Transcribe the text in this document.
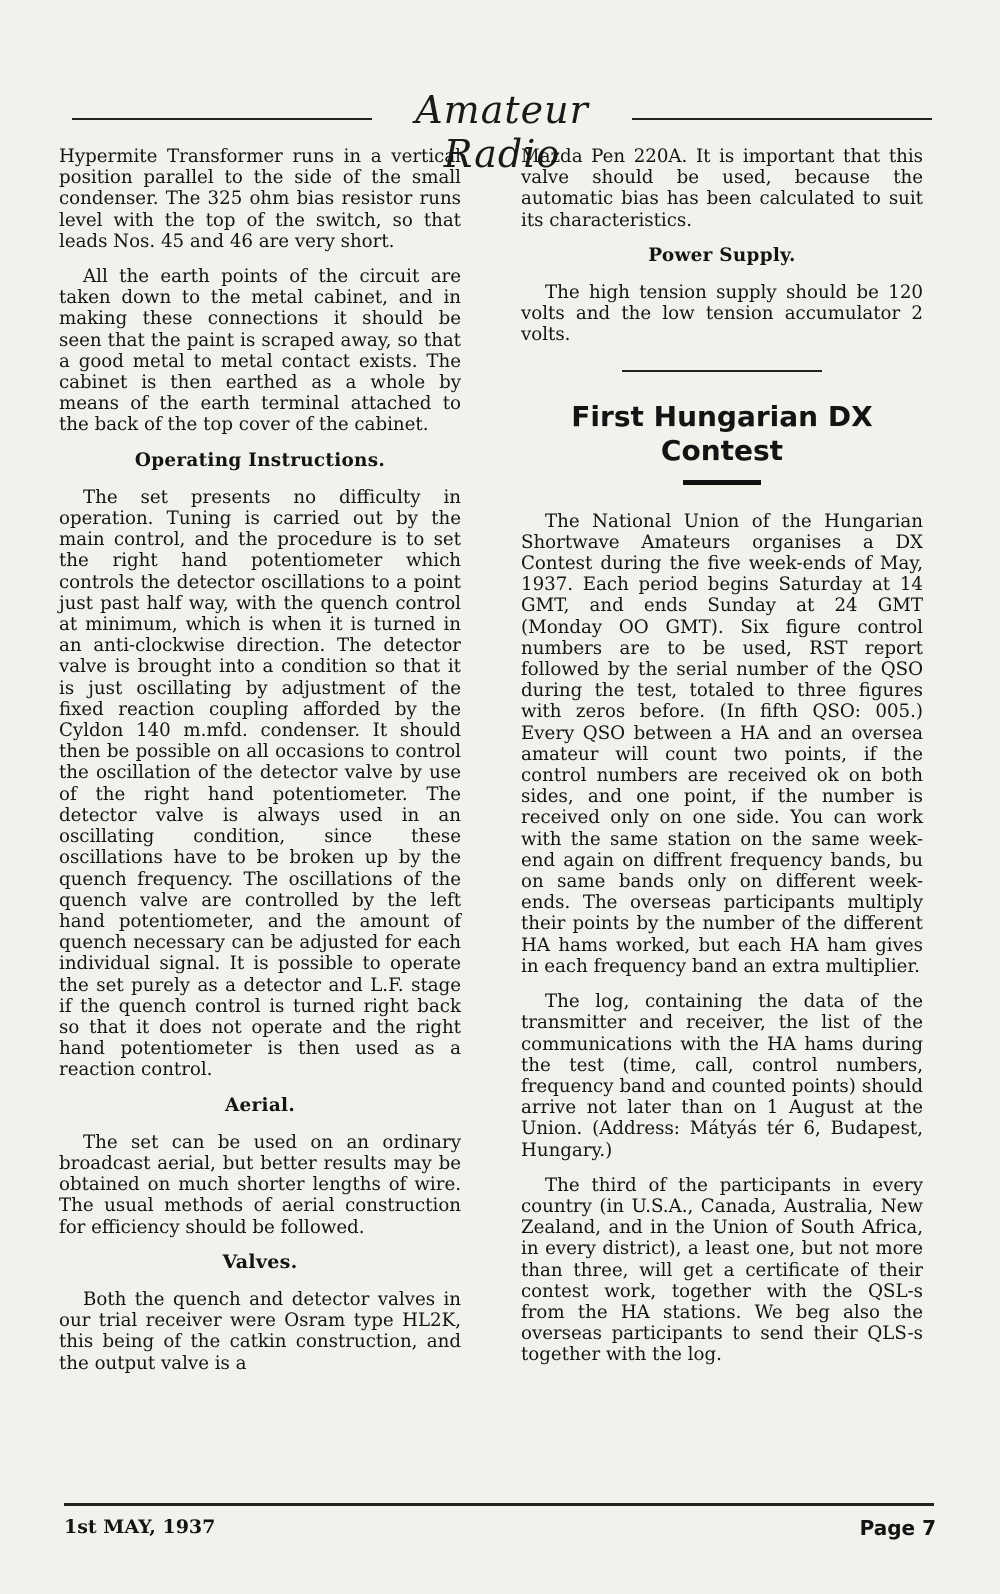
Amateur Radio

Hypermite Transformer runs in a vertical position parallel to the side of the small condenser. The 325 ohm bias resistor runs level with the top of the switch, so that leads Nos. 45 and 46 are very short.

All the earth points of the circuit are taken down to the metal cabinet, and in making these connections it should be seen that the paint is scraped away, so that a good metal to metal contact exists. The cabinet is then earthed as a whole by means of the earth terminal attached to the back of the top cover of the cabinet.

Operating Instructions.

The set presents no difficulty in operation. Tuning is carried out by the main control, and the procedure is to set the right hand potentiometer which controls the detector oscillations to a point just past half way, with the quench control at minimum, which is when it is turned in an anti-clockwise direction. The detector valve is brought into a condition so that it is just oscillating by adjustment of the fixed reaction coupling afforded by the Cyldon 140 m.mfd. condenser. It should then be possible on all occasions to control the oscillation of the detector valve by use of the right hand potentiometer. The detector valve is always used in an oscillating condition, since these oscillations have to be broken up by the quench frequency. The oscillations of the quench valve are controlled by the left hand potentiometer, and the amount of quench necessary can be adjusted for each individual signal. It is possible to operate the set purely as a detector and L.F. stage if the quench control is turned right back so that it does not operate and the right hand potentiometer is then used as a reaction control.

Aerial.

The set can be used on an ordinary broadcast aerial, but better results may be obtained on much shorter lengths of wire. The usual methods of aerial construction for efficiency should be followed.

Valves.

Both the quench and detector valves in our trial receiver were Osram type HL2K, this being of the catkin construction, and the output valve is a

Mazda Pen 220A. It is important that this valve should be used, because the automatic bias has been calculated to suit its characteristics.

Power Supply.

The high tension supply should be 120 volts and the low tension accumulator 2 volts.

First Hungarian DX Contest

The National Union of the Hungarian Shortwave Amateurs organises a DX Contest during the five week-ends of May, 1937. Each period begins Saturday at 14 GMT, and ends Sunday at 24 GMT (Monday OO GMT). Six figure control numbers are to be used, RST report followed by the serial number of the QSO during the test, totaled to three figures with zeros before. (In fifth QSO: 005.) Every QSO between a HA and an oversea amateur will count two points, if the control numbers are received ok on both sides, and one point, if the number is received only on one side. You can work with the same station on the same week-end again on diffrent frequency bands, bu on same bands only on different week-ends. The overseas participants multiply their points by the number of the different HA hams worked, but each HA ham gives in each frequency band an extra multiplier.

The log, containing the data of the transmitter and receiver, the list of the communications with the HA hams during the test (time, call, control numbers, frequency band and counted points) should arrive not later than on 1 August at the Union. (Address: Mátyás tér 6, Budapest, Hungary.)

The third of the participants in every country (in U.S.A., Canada, Australia, New Zealand, and in the Union of South Africa, in every district), a least one, but not more than three, will get a certificate of their contest work, together with the QSL-s from the HA stations. We beg also the overseas participants to send their QLS-s together with the log.

1st MAY, 1937	Page 7
